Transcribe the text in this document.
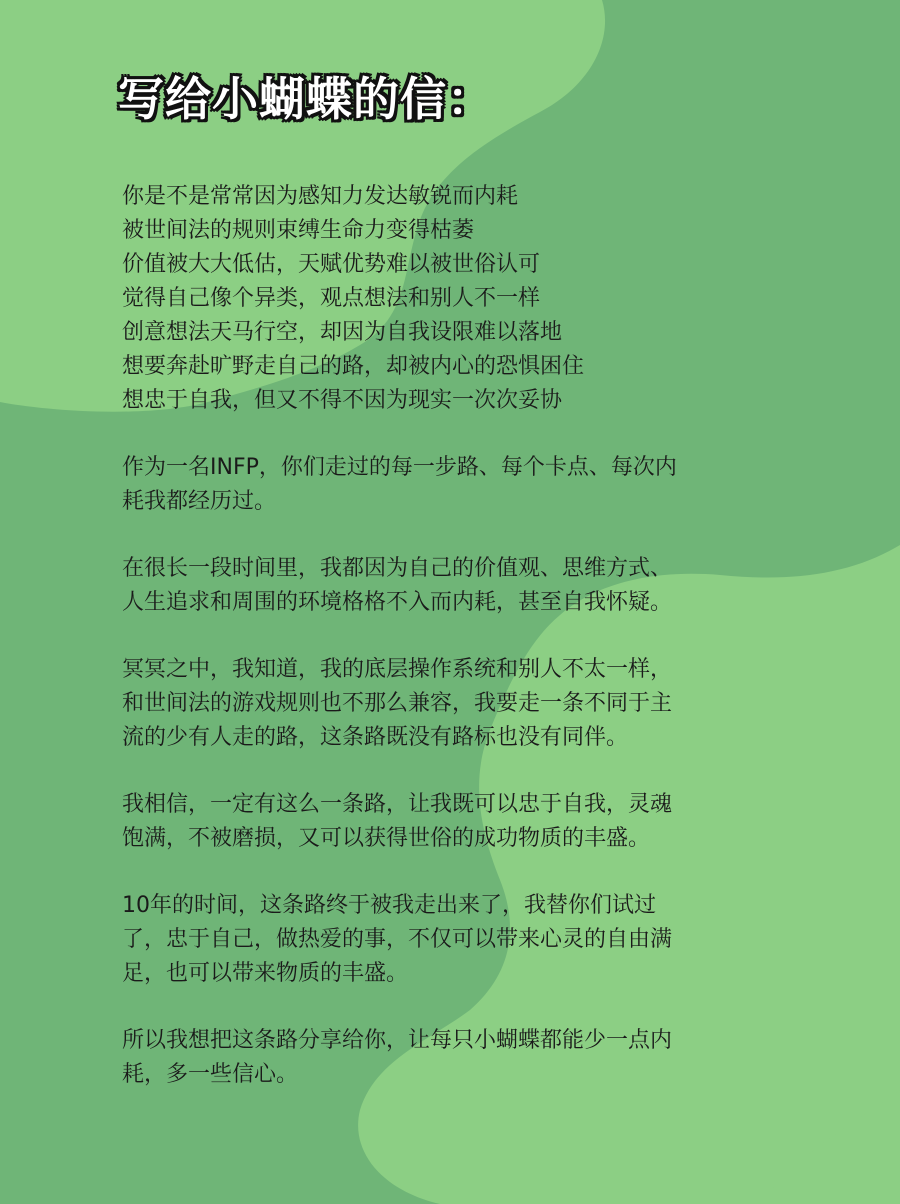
写给小蝴蝶的信：

你是不是常常因为感知力发达敏锐而内耗
被世间法的规则束缚生命力变得枯萎
价值被大大低估，天赋优势难以被世俗认可
觉得自己像个异类，观点想法和别人不一样
创意想法天马行空，却因为自我设限难以落地
想要奔赴旷野走自己的路，却被内心的恐惧困住
想忠于自我，但又不得不因为现实一次次妥协

作为一名INFP，你们走过的每一步路、每个卡点、每次内
耗我都经历过。

在很长一段时间里，我都因为自己的价值观、思维方式、
人生追求和周围的环境格格不入而内耗，甚至自我怀疑。

冥冥之中，我知道，我的底层操作系统和别人不太一样，
和世间法的游戏规则也不那么兼容，我要走一条不同于主
流的少有人走的路，这条路既没有路标也没有同伴。

我相信，一定有这么一条路，让我既可以忠于自我，灵魂
饱满，不被磨损，又可以获得世俗的成功物质的丰盛。

10年的时间，这条路终于被我走出来了，我替你们试过
了，忠于自己，做热爱的事，不仅可以带来心灵的自由满
足，也可以带来物质的丰盛。

所以我想把这条路分享给你，让每只小蝴蝶都能少一点内
耗，多一些信心。
